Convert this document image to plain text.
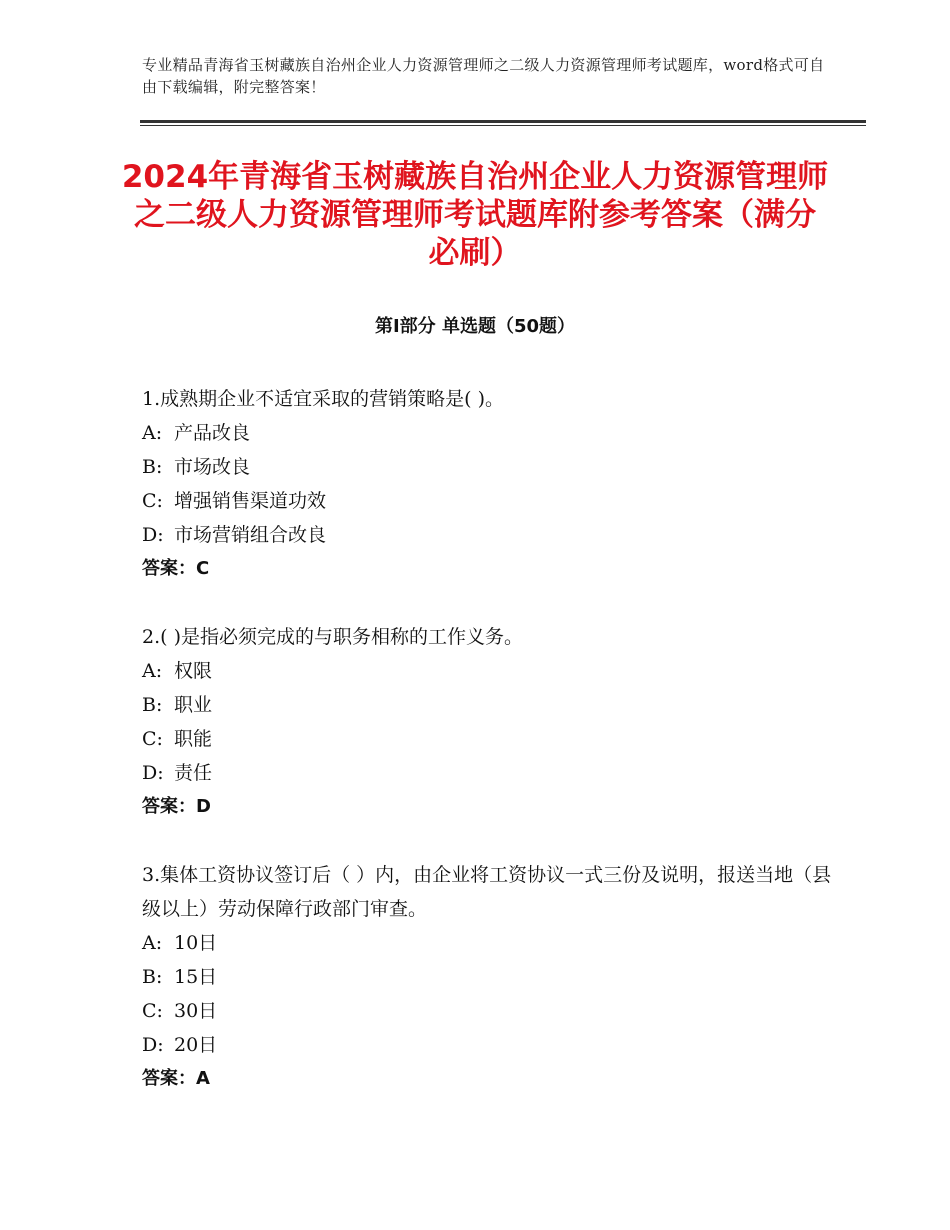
专业精品青海省玉树藏族自治州企业人力资源管理师之二级人力资源管理师考试题库，word格式可自由下载编辑，附完整答案！
2024年青海省玉树藏族自治州企业人力资源管理师之二级人力资源管理师考试题库附参考答案（满分必刷）
第Ⅰ部分 单选题（50题）
1.成熟期企业不适宜采取的营销策略是( )。
A: 产品改良
B: 市场改良
C: 增强销售渠道功效
D: 市场营销组合改良
答案：C
2.( )是指必须完成的与职务相称的工作义务。
A: 权限
B: 职业
C: 职能
D: 责任
答案：D
3.集体工资协议签订后（ ）内，由企业将工资协议一式三份及说明，报送当地（县级以上）劳动保障行政部门审查。
A: 10日
B: 15日
C: 30日
D: 20日
答案：A
